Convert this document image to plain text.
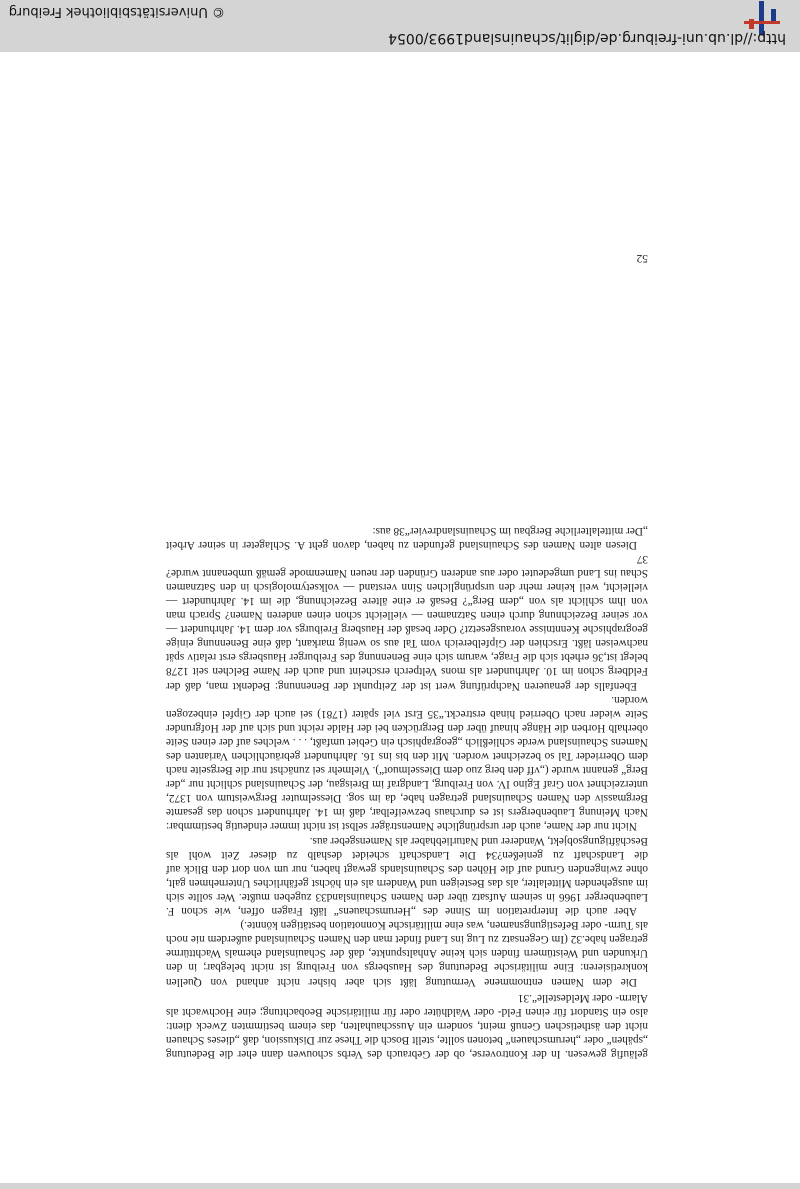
geläufig gewesen. In der Kontroverse, ob der Gebrauch des Verbs schouwen dann eher die Bedeutung „spähen“ oder „herumschauen“ betonen sollte, stellt Bosch die These zur Diskussion, daß „dieses Schauen nicht den ästhetischen Genuß meint, sondern ein Ausschauhalten, das einem bestimmten Zweck dient: also ein Standort für einen Feld- oder Waldhüter oder für militärische Beobachtung; eine Hochwacht als Alarm- oder Meldestelle“.31

Die dem Namen entnommene Vermutung läßt sich aber bisher nicht anhand von Quellen konkretisieren: Eine militärische Bedeutung des Hausbergs von Freiburg ist nicht belegbar; in den Urkunden und Weistümern finden sich keine Anhaltspunkte, daß der Schauinsland ehemals Wachttürme getragen habe.32 (Im Gegensatz zu Lug ins Land findet man den Namen Schauinsland außerdem nie noch als Turm- oder Befestigungsnamen, was eine militärische Konnotation bestätigen könnte.)

Aber auch die Interpretation im Sinne des „Herumschauens“ läßt Fragen offen, wie schon F. Laubenberger 1966 in seinem Aufsatz über den Namen Schauinsland33 zugeben mußte. Wer sollte sich im ausgehenden Mittelalter, als das Besteigen und Wandern als ein höchst gefährliches Unternehmen galt, ohne zwingenden Grund auf die Höhen des Schauinslands gewagt haben, nur um von dort den Blick auf die Landschaft zu genießen?34 Die Landschaft scheidet deshalb zu dieser Zeit wohl als Beschäftigungsobjekt, Wanderer und Naturliebhaber als Namensgeber aus.

Nicht nur der Name, auch der ursprüngliche Namensträger selbst ist nicht immer eindeutig bestimmbar: Nach Meinung Laubenbergers ist es durchaus bezweifelbar, daß im 14. Jahrhundert schon das gesamte Bergmassiv den Namen Schauinsland getragen habe, da im sog. Diesselmuter Bergweistum von 1372, unterzeichnet von Graf Egino IV. von Freiburg, Landgraf im Breisgau, der Schauinsland schlicht nur „der Berg“ genannt wurde („vff den berg zuo dem Diesselmuot“). Vielmehr sei zunächst nur die Bergseite nach dem Oberrieder Tal so bezeichnet worden. Mit den bis ins 16. Jahrhundert gebräuchlichen Varianten des Namens Schauinsland werde schließlich „geographisch ein Gebiet umfaßt, . . . welches auf der einen Seite oberhalb Horben die Hänge hinauf über den Bergrücken bei der Halde reicht und sich auf der Hofgrunder Seite wieder nach Oberried hinab erstreckt.“35 Erst viel später (1781) sei auch der Gipfel einbezogen worden.

Ebenfalls der genaueren Nachprüfung wert ist der Zeitpunkt der Benennung: Bedenkt man, daß der Feldberg schon im 10. Jahrhundert als mons Veltperch erscheint und auch der Name Belchen seit 1278 belegt ist,36 erhebt sich die Frage, warum sich eine Benennung des Freiburger Hausbergs erst relativ spät nachweisen läßt. Erschien der Gipfelbereich vom Tal aus so wenig markant, daß eine Benennung einige geographische Kenntnisse vorausgesetzt? Oder besaß der Hausberg Freiburgs vor dem 14. Jahrhundert — vor seiner Bezeichnung durch einen Satznamen — vielleicht schon einen anderen Namen? Sprach man von ihm schlicht als von „dem Berg“? Besaß er eine ältere Bezeichnung, die im 14. Jahrhundert — vielleicht, weil keiner mehr den ursprünglichen Sinn verstand — volksetymologisch in den Satznamen Schau ins Land umgedeutet oder aus anderen Gründen der neuen Namenmode gemäß umbenannt wurde?37

Diesen alten Namen des Schauinsland gefunden zu haben, davon geht A. Schlageter in seiner Arbeit „Der mittelalterliche Bergbau im Schauinslandrevier“38 aus:

52
http://dl.ub.uni-freiburg.de/diglit/schauinsland1993/0054
© Universitätsbibliothek Freiburg
